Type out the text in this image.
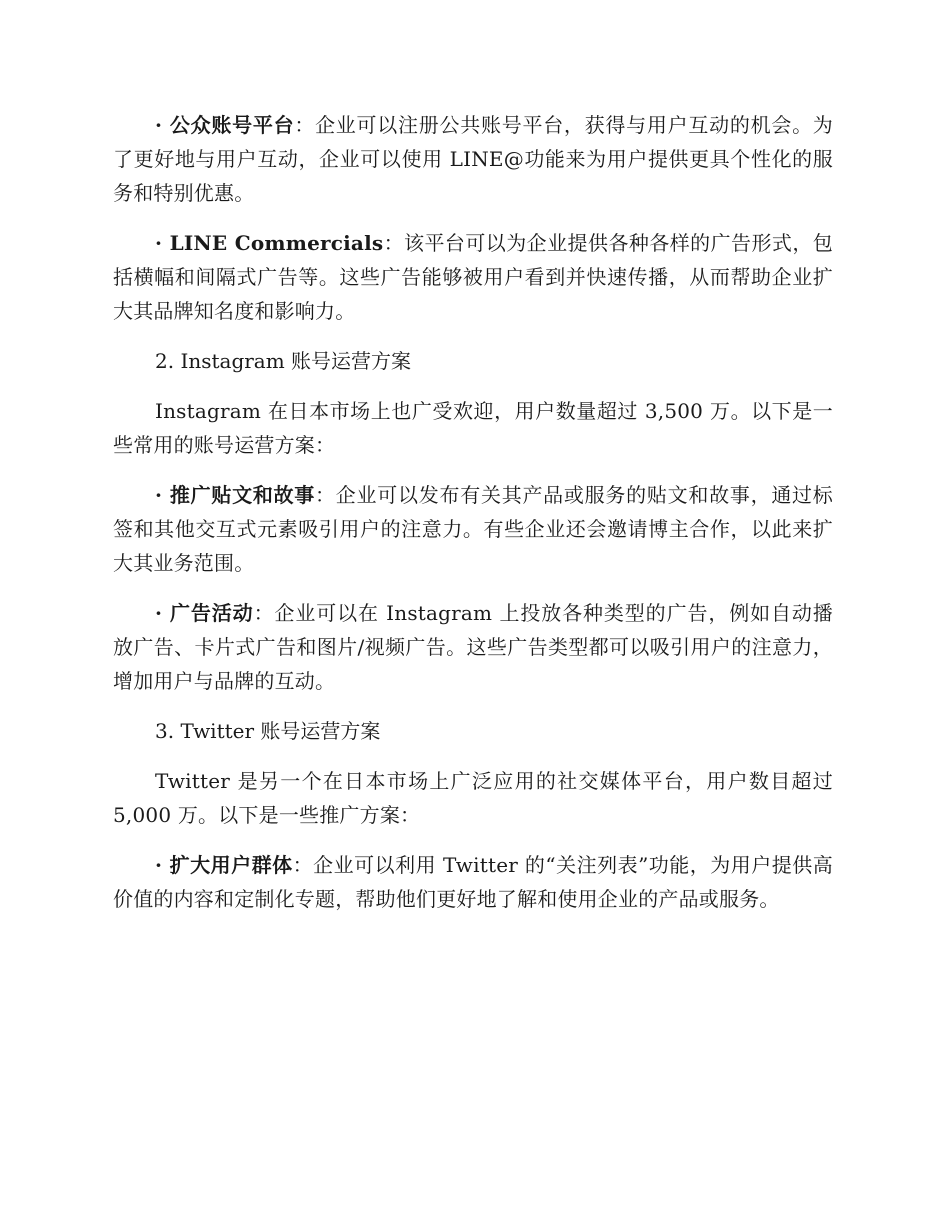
· 公众账号平台：企业可以注册公共账号平台，获得与用户互动的机会。为了更好地与用户互动，企业可以使用 LINE@功能来为用户提供更具个性化的服务和特别优惠。

· LINE Commercials：该平台可以为企业提供各种各样的广告形式，包括横幅和间隔式广告等。这些广告能够被用户看到并快速传播，从而帮助企业扩大其品牌知名度和影响力。

2. Instagram 账号运营方案

Instagram 在日本市场上也广受欢迎，用户数量超过 3,500 万。以下是一些常用的账号运营方案：

· 推广贴文和故事：企业可以发布有关其产品或服务的贴文和故事，通过标签和其他交互式元素吸引用户的注意力。有些企业还会邀请博主合作，以此来扩大其业务范围。

· 广告活动：企业可以在 Instagram 上投放各种类型的广告，例如自动播放广告、卡片式广告和图片/视频广告。这些广告类型都可以吸引用户的注意力，增加用户与品牌的互动。

3. Twitter 账号运营方案

Twitter 是另一个在日本市场上广泛应用的社交媒体平台，用户数目超过 5,000 万。以下是一些推广方案：

· 扩大用户群体：企业可以利用 Twitter 的“关注列表”功能，为用户提供高价值的内容和定制化专题，帮助他们更好地了解和使用企业的产品或服务。
